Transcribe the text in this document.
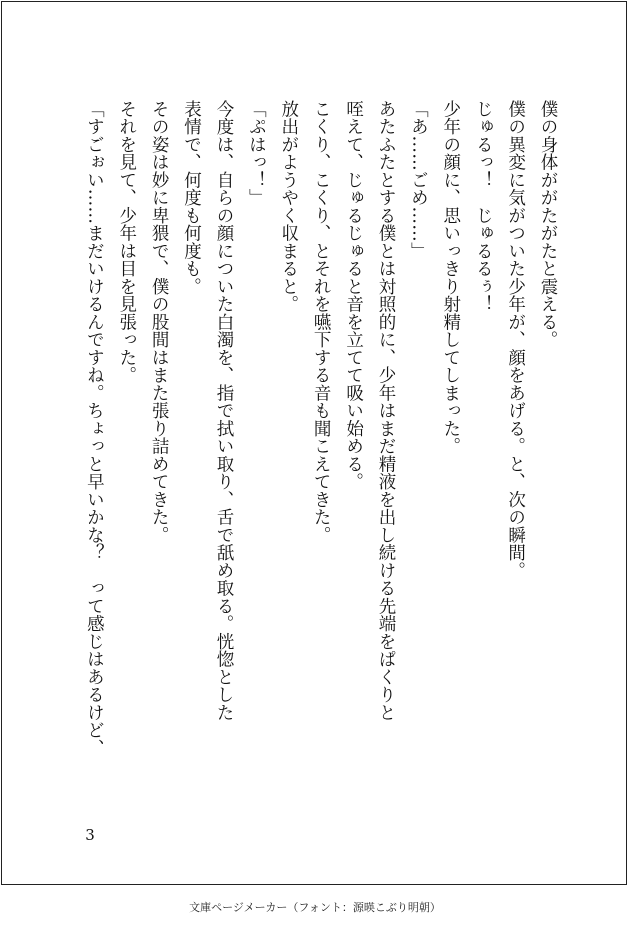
僕の身体ががたがたと震える。
僕の異変に気がついた少年が、顔をあげる。と、次の瞬間。
じゅるっ！　じゅるるぅ！
少年の顔に、思いっきり射精してしまった。
「あ……ごめ……」
あたふたとする僕とは対照的に、少年はまだ精液を出し続ける先端をぱくりと
咥えて、じゅるじゅると音を立てて吸い始める。
こくり、こくり、とそれを嚥下する音も聞こえてきた。
放出がようやく収まると。
「ぷはっ！」
今度は、自らの顔についた白濁を、指で拭い取り、舌で舐め取る。恍惚とした
表情で、何度も何度も。
その姿は妙に卑猥で、僕の股間はまた張り詰めてきた。
それを見て、少年は目を見張った。
「すごぉい……まだいけるんですね。ちょっと早いかな？　って感じはあるけど、
3
文庫ページメーカー（フォント：源暎こぶり明朝）
